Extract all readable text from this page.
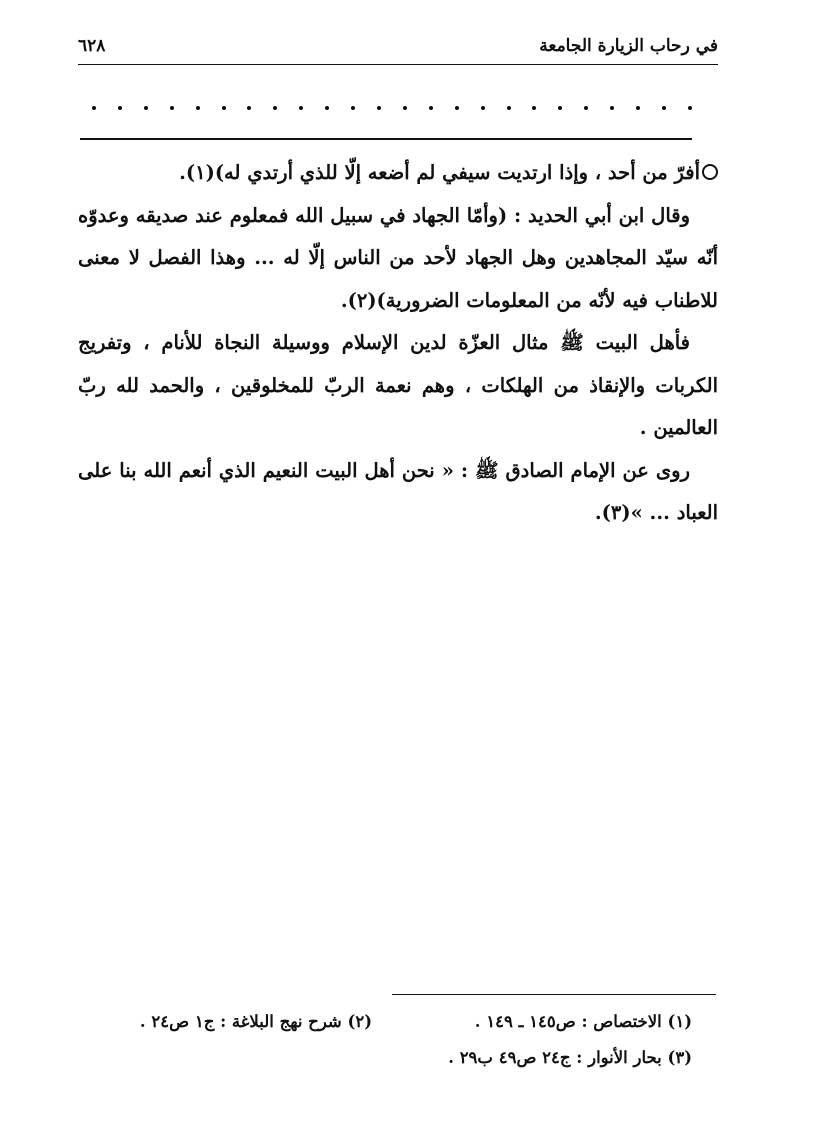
في رحاب الزيارة الجامعة
٦٢٨

أفرّ من أحد ، وإذا ارتديت سيفي لم أضعه إلّا للذي أرتدي له)(١).

وقال ابن أبي الحديد : (وأمّا الجهاد في سبيل الله فمعلوم عند صديقه وعدوّه أنّه سيّد المجاهدين وهل الجهاد لأحد من الناس إلّا له ... وهذا الفصل لا معنى للاطناب فيه لأنّه من المعلومات الضرورية)(٢).

فأهل البيت ﷺ مثال العزّة لدين الإسلام ووسيلة النجاة للأنام ، وتفريج الكربات والإنقاذ من الهلكات ، وهم نعمة الربّ للمخلوقين ، والحمد لله ربّ العالمين .

روى عن الإمام الصادق ﷺ : « نحن أهل البيت النعيم الذي أنعم الله بنا على العباد ... »(٣).

(١) الاختصاص : ص١٤٥ ـ ١٤٩ .
(٢) شرح نهج البلاغة : ج١ ص٢٤ .
(٣) بحار الأنوار : ج٢٤ ص٤٩ ب٢٩ .
